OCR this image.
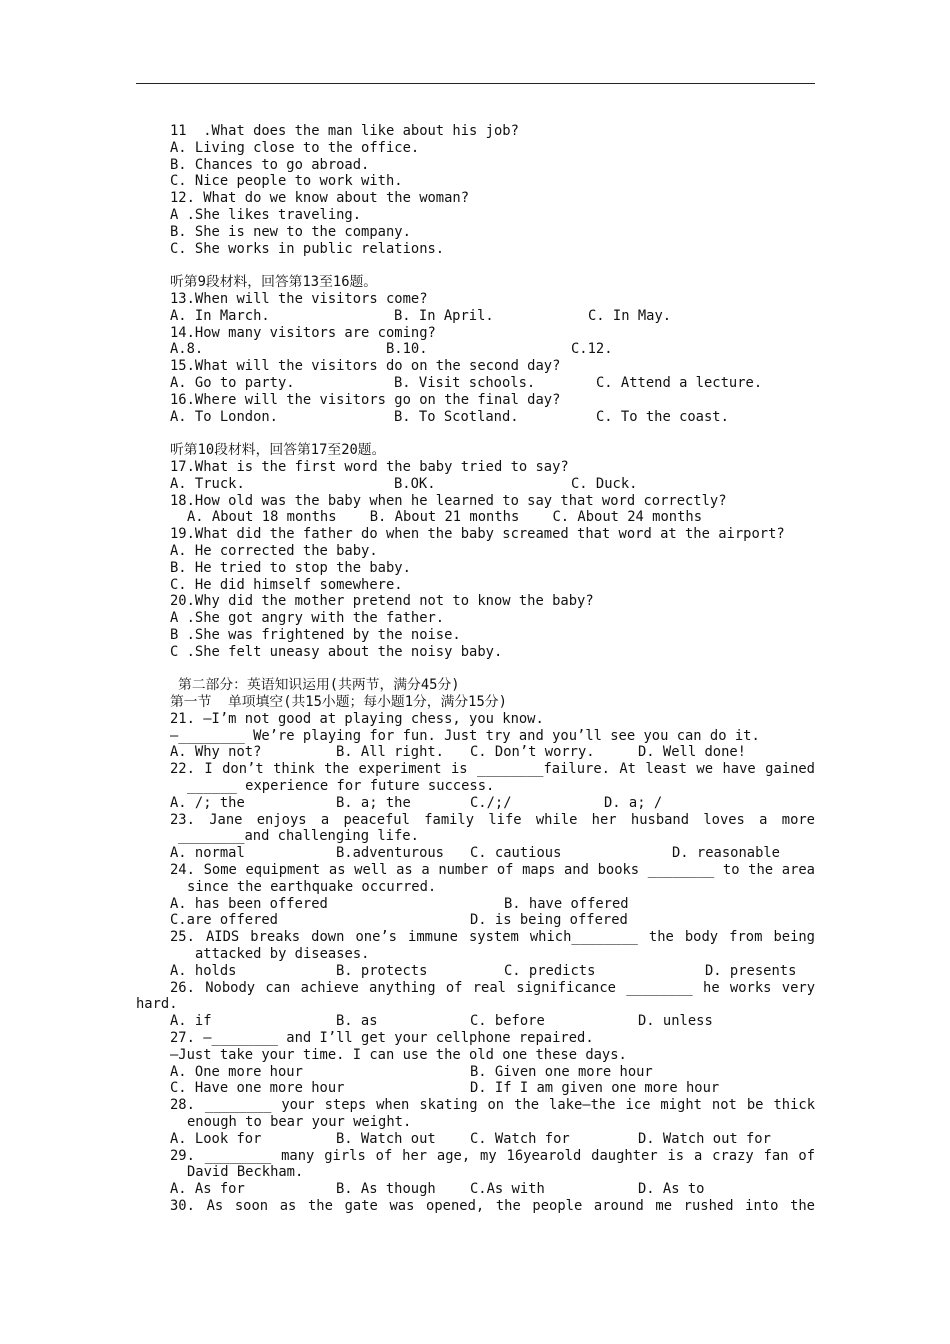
11  .What does the man like about his job?
A. Living close to the office.
B. Chances to go abroad.
C. Nice people to work with.
12. What do we know about the woman?
A .She likes traveling.
B. She is new to the company.
C. She works in public relations.
听第9段材料，回答第13至16题。
13.When will the visitors come?
A. In March.	B. In April.	C. In May.
14.How many visitors are coming?
A.8.	B.10.	C.12.
15.What will the visitors do on the second day?
A. Go to party.	B. Visit schools.	C. Attend a lecture.
16.Where will the visitors go on the final day?
A. To London.	B. To Scotland.	C. To the coast.
听第10段材料，回答第17至20题。
17.What is the first word the baby tried to say?
A. Truck.	B.OK.	C. Duck.
18.How old was the baby when he learned to say that word correctly?
A. About 18 months    B. About 21 months    C. About 24 months
19.What did the father do when the baby screamed that word at the airport?
A. He corrected the baby.
B. He tried to stop the baby.
C. He did himself somewhere.
20.Why did the mother pretend not to know the baby?
A .She got angry with the father.
B .She was frightened by the noise.
C .She felt uneasy about the noisy baby.
第二部分：英语知识运用(共两节，满分45分)
第一节  单项填空(共15小题；每小题1分，满分15分)
21. —I’m not good at playing chess, you know.
—________ We’re playing for fun. Just try and you’ll see you can do it.
A. Why not?	B. All right. C. Don’t worry.	D. Well done!
22. I don’t think the experiment is ________failure. At least we have gained
______ experience for future success.
A. /; the	B. a; the	C./;/	D. a; /
23. Jane enjoys a peaceful family life while her husband loves a more
________and challenging life.
A. normal	B.adventurous C. cautious	D. reasonable
24. Some equipment as well as a number of maps and books ________ to the area
since the earthquake occurred.
A. has been offered	B. have offered
C.are offered	D. is being offered
25. AIDS breaks down one’s immune system which________ the body from being
attacked by diseases.
A. holds	B. protects	C. predicts	D. presents
26. Nobody can achieve anything of real significance ________ he works very
hard.
A. if	B. as	C. before	D. unless
27. —________ and I’ll get your cellphone repaired.
—Just take your time. I can use the old one these days.
A. One more hour	B. Given one more hour
C. Have one more hour	D. If I am given one more hour
28. ________ your steps when skating on the lake—the ice might not be thick
enough to bear your weight.
A. Look for	B. Watch out C. Watch for	D. Watch out for
29. ________ many girls of her age, my 16yearold daughter is a crazy fan of
David Beckham.
A. As for	B. As though C.As with	D. As to
30. As soon as the gate was opened, the people around me rushed into the
